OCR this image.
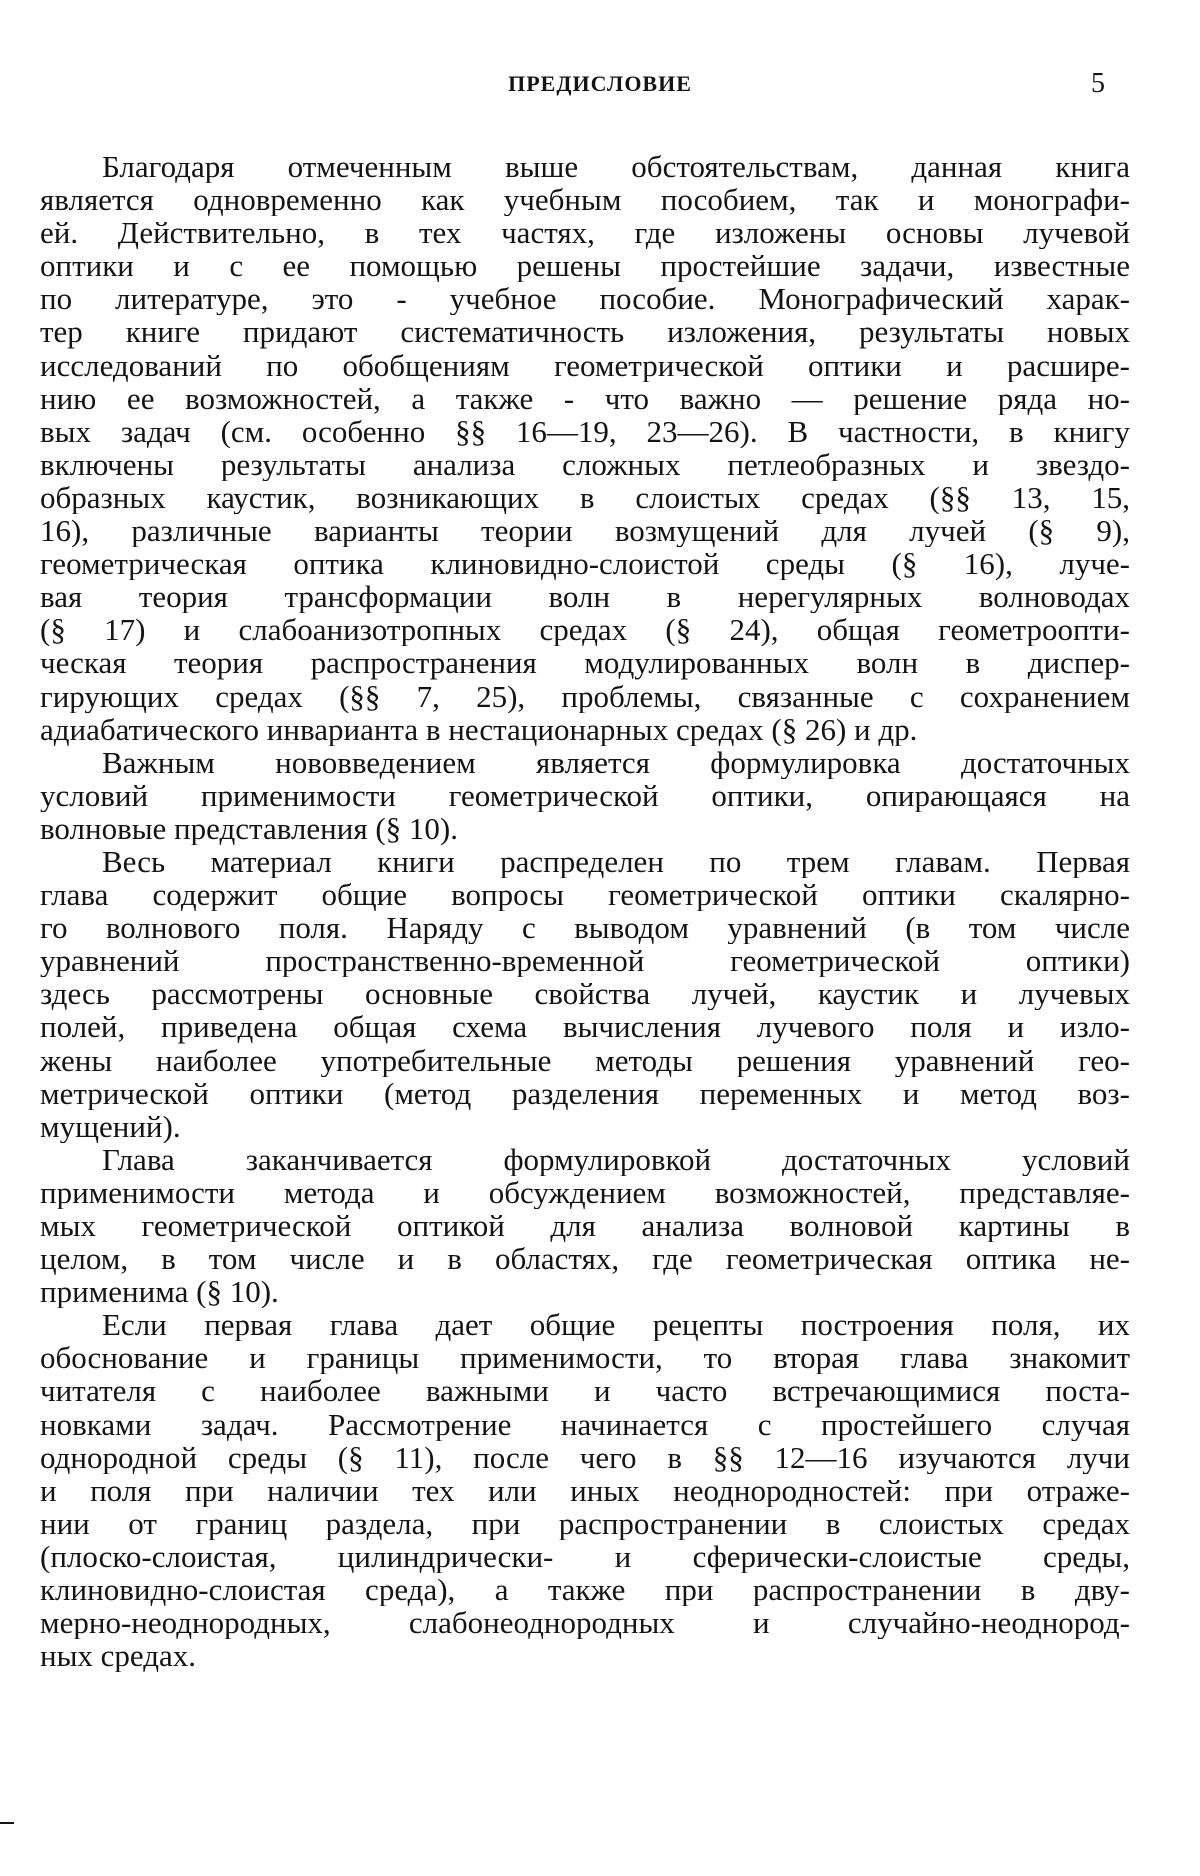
ПРЕДИСЛОВИЕ	5
Благодаря отмеченным выше обстоятельствам, данная книга
является одновременно как учебным пособием, так и монографи-
ей. Действительно, в тех частях, где изложены основы лучевой
оптики и с ее помощью решены простейшие задачи, известные
по литературе, это - учебное пособие. Монографический харак-
тер книге придают систематичность изложения, результаты новых
исследований по обобщениям геометрической оптики и расшире-
нию ее возможностей, а также - что важно — решение ряда но-
вых задач (см. особенно §§ 16—19, 23—26). В частности, в книгу
включены результаты анализа сложных петлеобразных и звездо-
образных каустик, возникающих в слоистых средах (§§ 13, 15,
16), различные варианты теории возмущений для лучей (§ 9),
геометрическая оптика клиновидно-слоистой среды (§ 16), луче-
вая теория трансформации волн в нерегулярных волноводах
(§ 17) и слабоанизотропных средах (§ 24), общая геометроопти-
ческая теория распространения модулированных волн в диспер-
гирующих средах (§§ 7, 25), проблемы, связанные с сохранением
адиабатического инварианта в нестационарных средах (§ 26) и др.
Важным нововведением является формулировка достаточных
условий применимости геометрической оптики, опирающаяся на
волновые представления (§ 10).
Весь материал книги распределен по трем главам. Первая
глава содержит общие вопросы геометрической оптики скалярно-
го волнового поля. Наряду с выводом уравнений (в том числе
уравнений пространственно-временной геометрической оптики)
здесь рассмотрены основные свойства лучей, каустик и лучевых
полей, приведена общая схема вычисления лучевого поля и изло-
жены наиболее употребительные методы решения уравнений гео-
метрической оптики (метод разделения переменных и метод воз-
мущений).
Глава заканчивается формулировкой достаточных условий
применимости метода и обсуждением возможностей, представляе-
мых геометрической оптикой для анализа волновой картины в
целом, в том числе и в областях, где геометрическая оптика не-
применима (§ 10).
Если первая глава дает общие рецепты построения поля, их
обоснование и границы применимости, то вторая глава знакомит
читателя с наиболее важными и часто встречающимися поста-
новками задач. Рассмотрение начинается с простейшего случая
однородной среды (§ 11), после чего в §§ 12—16 изучаются лучи
и поля при наличии тех или иных неоднородностей: при отраже-
нии от границ раздела, при распространении в слоистых средах
(плоско-слоистая, цилиндрически- и сферически-слоистые среды,
клиновидно-слоистая среда), а также при распространении в дву-
мерно-неоднородных, слабонеоднородных и случайно-неоднород-
ных средах.
